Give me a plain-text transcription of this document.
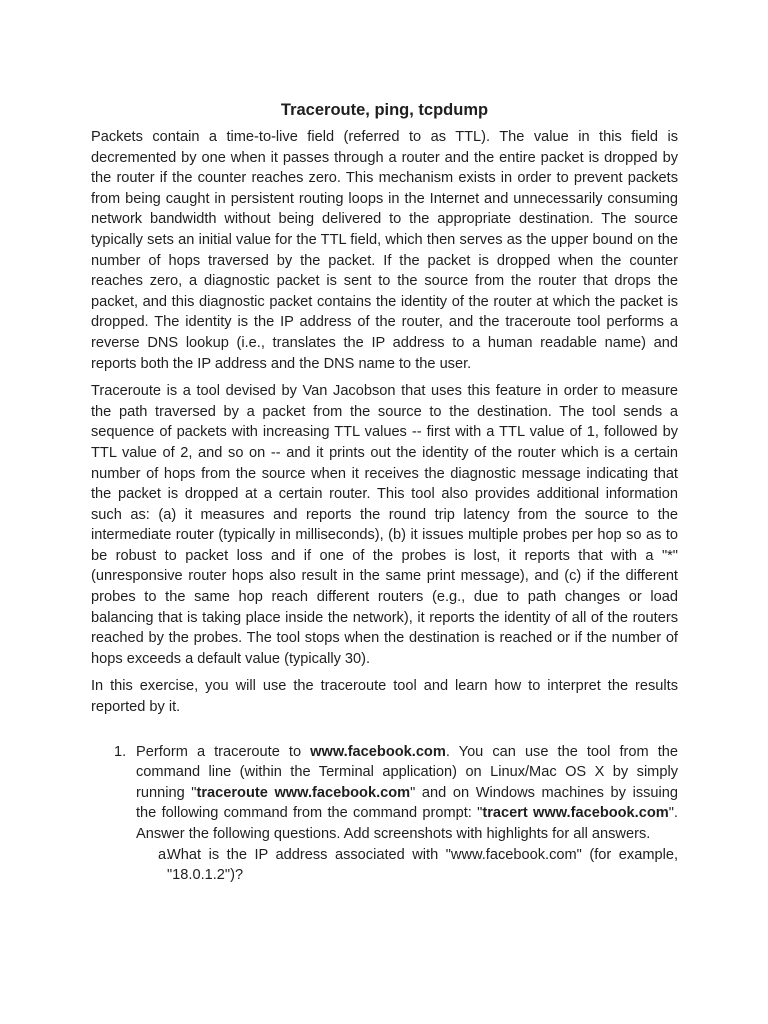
Traceroute, ping, tcpdump

Packets contain a time-to-live field (referred to as TTL). The value in this field is decremented by one when it passes through a router and the entire packet is dropped by the router if the counter reaches zero. This mechanism exists in order to prevent packets from being caught in persistent routing loops in the Internet and unnecessarily consuming network bandwidth without being delivered to the appropriate destination. The source typically sets an initial value for the TTL field, which then serves as the upper bound on the number of hops traversed by the packet. If the packet is dropped when the counter reaches zero, a diagnostic packet is sent to the source from the router that drops the packet, and this diagnostic packet contains the identity of the router at which the packet is dropped. The identity is the IP address of the router, and the traceroute tool performs a reverse DNS lookup (i.e., translates the IP address to a human readable name) and reports both the IP address and the DNS name to the user.

Traceroute is a tool devised by Van Jacobson that uses this feature in order to measure the path traversed by a packet from the source to the destination. The tool sends a sequence of packets with increasing TTL values -- first with a TTL value of 1, followed by TTL value of 2, and so on -- and it prints out the identity of the router which is a certain number of hops from the source when it receives the diagnostic message indicating that the packet is dropped at a certain router. This tool also provides additional information such as: (a) it measures and reports the round trip latency from the source to the intermediate router (typically in milliseconds), (b) it issues multiple probes per hop so as to be robust to packet loss and if one of the probes is lost, it reports that with a "*" (unresponsive router hops also result in the same print message), and (c) if the different probes to the same hop reach different routers (e.g., due to path changes or load balancing that is taking place inside the network), it reports the identity of all of the routers reached by the probes. The tool stops when the destination is reached or if the number of hops exceeds a default value (typically 30).

In this exercise, you will use the traceroute tool and learn how to interpret the results reported by it.

1. Perform a traceroute to www.facebook.com. You can use the tool from the command line (within the Terminal application) on Linux/Mac OS X by simply running "traceroute www.facebook.com" and on Windows machines by issuing the following command from the command prompt: "tracert www.facebook.com". Answer the following questions. Add screenshots with highlights for all answers.
a.
What is the IP address associated with "www.facebook.com" (for example, "18.0.1.2")?
